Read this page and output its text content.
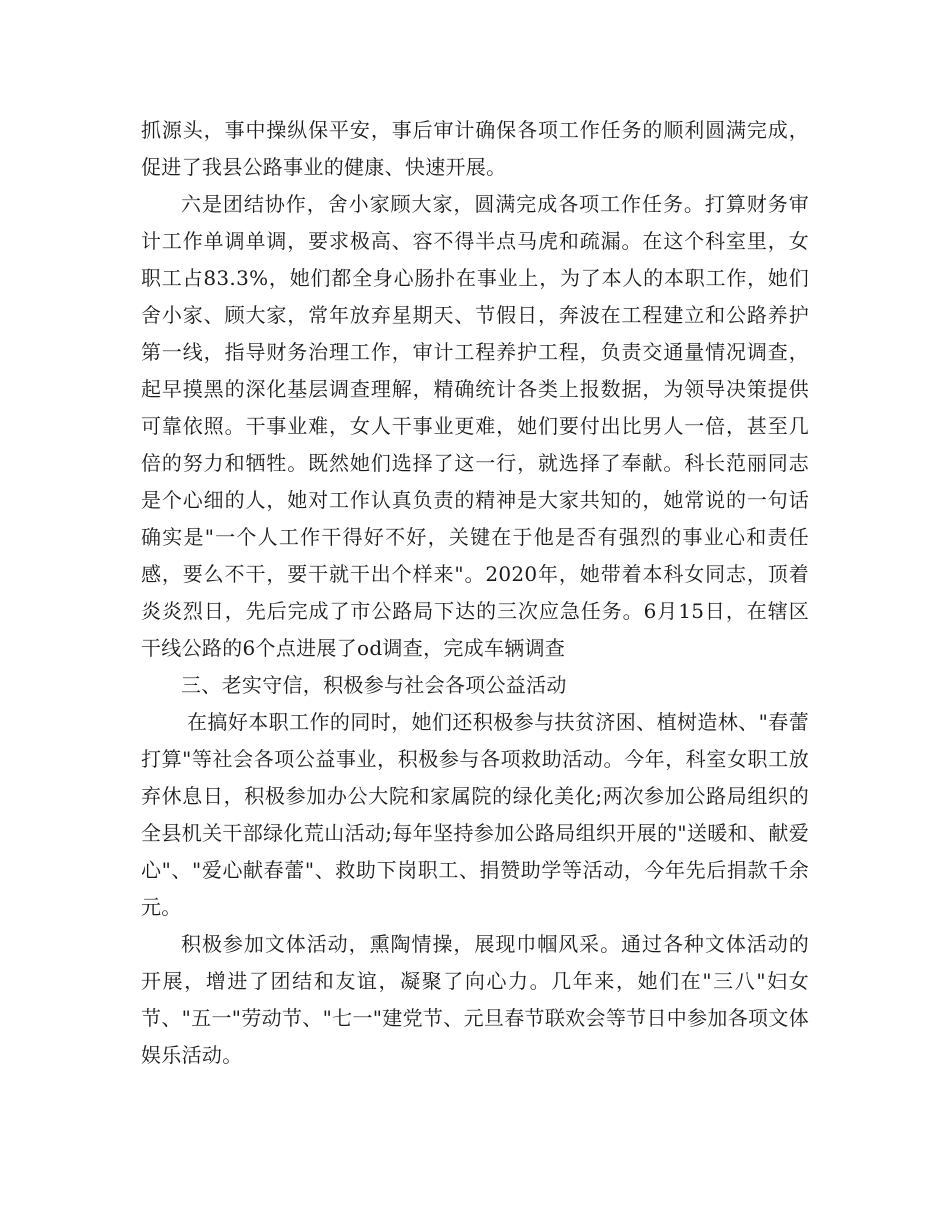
抓源头，事中操纵保平安，事后审计确保各项工作任务的顺利圆满完成，促进了我县公路事业的健康、快速开展。

六是团结协作，舍小家顾大家，圆满完成各项工作任务。打算财务审计工作单调单调，要求极高、容不得半点马虎和疏漏。在这个科室里，女职工占83.3%，她们都全身心肠扑在事业上，为了本人的本职工作，她们舍小家、顾大家，常年放弃星期天、节假日，奔波在工程建立和公路养护第一线，指导财务治理工作，审计工程养护工程，负责交通量情况调查，起早摸黑的深化基层调查理解，精确统计各类上报数据，为领导决策提供可靠依照。干事业难，女人干事业更难，她们要付出比男人一倍，甚至几倍的努力和牺牲。既然她们选择了这一行，就选择了奉献。科长范丽同志是个心细的人，她对工作认真负责的精神是大家共知的，她常说的一句话确实是"一个人工作干得好不好，关键在于他是否有强烈的事业心和责任感，要么不干，要干就干出个样来"。2020年，她带着本科女同志，顶着炎炎烈日，先后完成了市公路局下达的三次应急任务。6月15日，在辖区干线公路的6个点进展了od调查，完成车辆调查

三、老实守信，积极参与社会各项公益活动

在搞好本职工作的同时，她们还积极参与扶贫济困、植树造林、"春蕾打算"等社会各项公益事业，积极参与各项救助活动。今年，科室女职工放弃休息日，积极参加办公大院和家属院的绿化美化;两次参加公路局组织的全县机关干部绿化荒山活动;每年坚持参加公路局组织开展的"送暖和、献爱心"、"爱心献春蕾"、救助下岗职工、捐赞助学等活动，今年先后捐款千余元。

积极参加文体活动，熏陶情操，展现巾帼风采。通过各种文体活动的开展，增进了团结和友谊，凝聚了向心力。几年来，她们在"三八"妇女节、"五一"劳动节、"七一"建党节、元旦春节联欢会等节日中参加各项文体娱乐活动。
